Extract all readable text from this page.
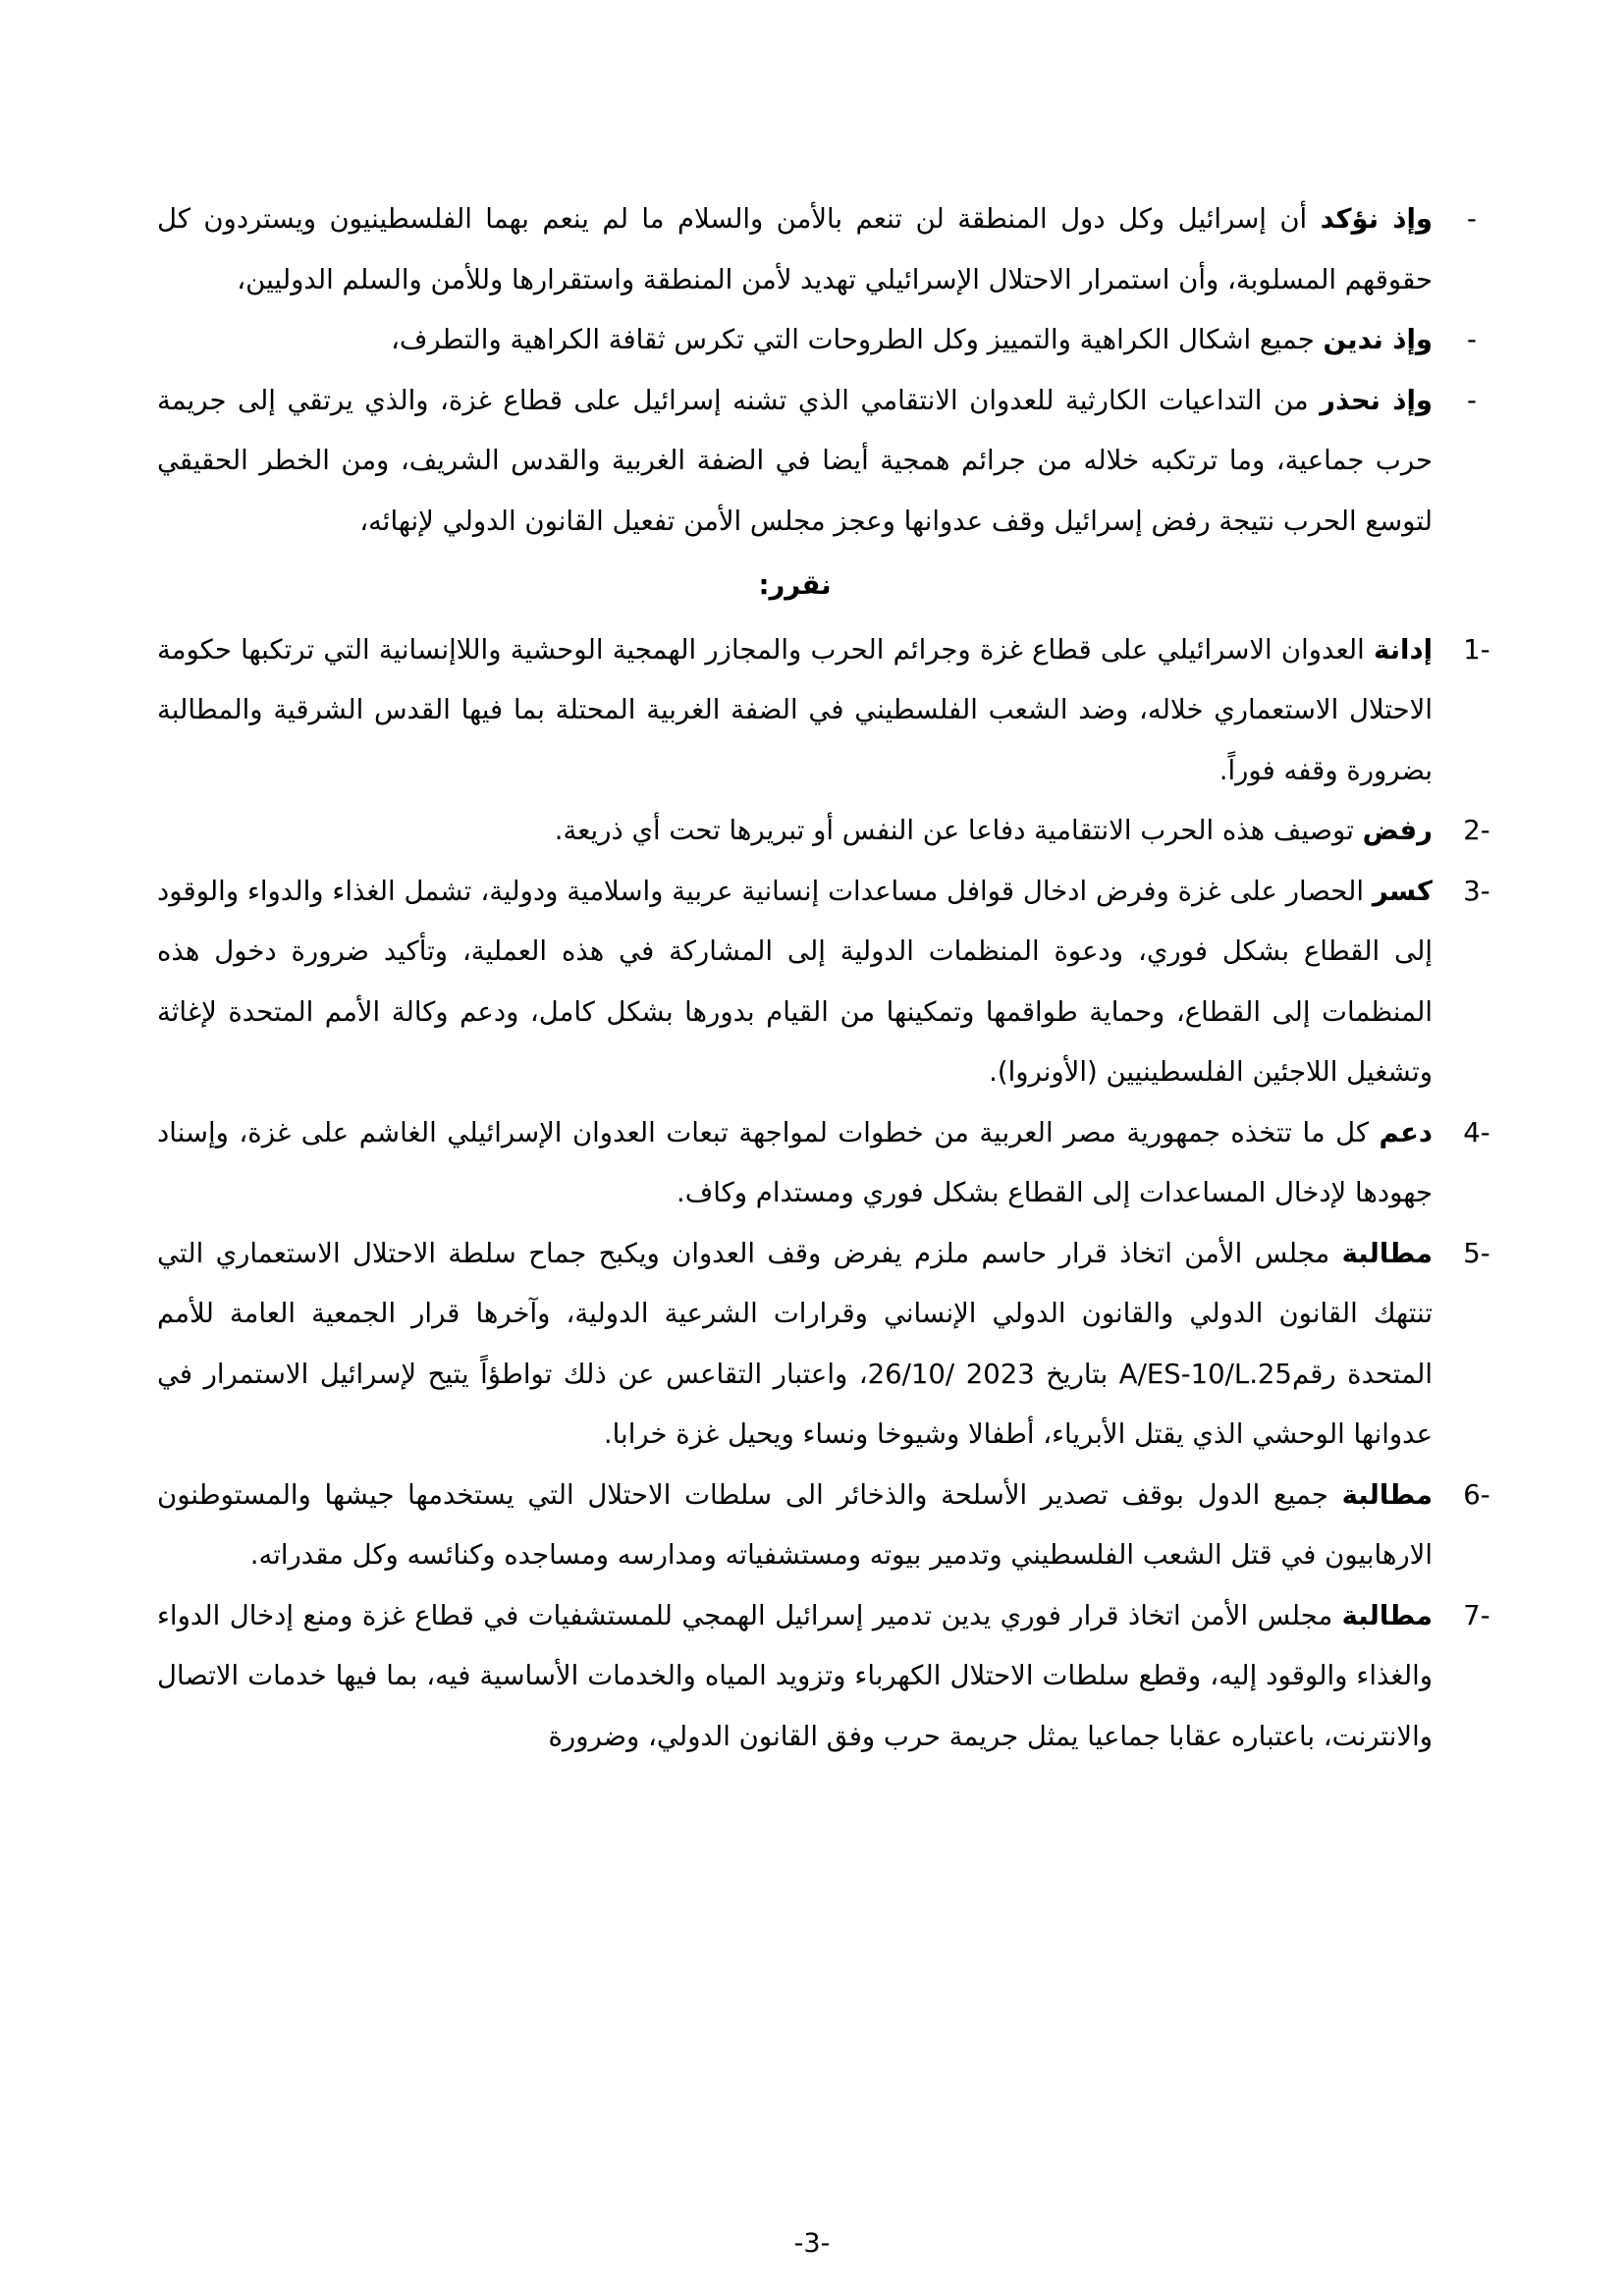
-
وإذ نؤكد أن إسرائيل وكل دول المنطقة لن تنعم بالأمن والسلام ما لم ينعم بهما الفلسطينيون ويستردون كل حقوقهم المسلوبة، وأن استمرار الاحتلال الإسرائيلي تهديد لأمن المنطقة واستقرارها وللأمن والسلم الدوليين،
-
وإذ ندين جميع اشكال الكراهية والتمييز وكل الطروحات التي تكرس ثقافة الكراهية والتطرف،
-
وإذ نحذر من التداعيات الكارثية للعدوان الانتقامي الذي تشنه إسرائيل على قطاع غزة، والذي يرتقي إلى جريمة حرب جماعية، وما ترتكبه خلاله من جرائم همجية أيضا في الضفة الغربية والقدس الشريف، ومن الخطر الحقيقي لتوسع الحرب نتيجة رفض إسرائيل وقف عدوانها وعجز مجلس الأمن تفعيل القانون الدولي لإنهائه،
نقرر:
1-
إدانة العدوان الاسرائيلي على قطاع غزة وجرائم الحرب والمجازر الهمجية الوحشية واللاإنسانية التي ترتكبها حكومة الاحتلال الاستعماري خلاله، وضد الشعب الفلسطيني في الضفة الغربية المحتلة بما فيها القدس الشرقية والمطالبة بضرورة وقفه فوراً.
2-
رفض توصيف هذه الحرب الانتقامية دفاعا عن النفس أو تبريرها تحت أي ذريعة.
3-
كسر الحصار على غزة وفرض ادخال قوافل مساعدات إنسانية عربية واسلامية ودولية، تشمل الغذاء والدواء والوقود إلى القطاع بشكل فوري، ودعوة المنظمات الدولية إلى المشاركة في هذه العملية، وتأكيد ضرورة دخول هذه المنظمات إلى القطاع، وحماية طواقمها وتمكينها من القيام بدورها بشكل كامل، ودعم وكالة الأمم المتحدة لإغاثة وتشغيل اللاجئين الفلسطينيين (الأونروا).
4-
دعم كل ما تتخذه جمهورية مصر العربية من خطوات لمواجهة تبعات العدوان الإسرائيلي الغاشم على غزة، وإسناد جهودها لإدخال المساعدات إلى القطاع بشكل فوري ومستدام وكاف.
5-
مطالبة مجلس الأمن اتخاذ قرار حاسم ملزم يفرض وقف العدوان ويكبح جماح سلطة الاحتلال الاستعماري التي تنتهك القانون الدولي والقانون الدولي الإنساني وقرارات الشرعية الدولية، وآخرها قرار الجمعية العامة للأمم المتحدة رقمA/ES-10/L.25 بتاريخ 2023 /26/10، واعتبار التقاعس عن ذلك تواطؤاً يتيح لإسرائيل الاستمرار في عدوانها الوحشي الذي يقتل الأبرياء، أطفالا وشيوخا ونساء ويحيل غزة خرابا.
6-
مطالبة جميع الدول بوقف تصدير الأسلحة والذخائر الى سلطات الاحتلال التي يستخدمها جيشها والمستوطنون الارهابيون في قتل الشعب الفلسطيني وتدمير بيوته ومستشفياته ومدارسه ومساجده وكنائسه وكل مقدراته.
7-
مطالبة مجلس الأمن اتخاذ قرار فوري يدين تدمير إسرائيل الهمجي للمستشفيات في قطاع غزة ومنع إدخال الدواء والغذاء والوقود إليه، وقطع سلطات الاحتلال الكهرباء وتزويد المياه والخدمات الأساسية فيه، بما فيها خدمات الاتصال والانترنت، باعتباره عقابا جماعيا يمثل جريمة حرب وفق القانون الدولي، وضرورة
-3-
